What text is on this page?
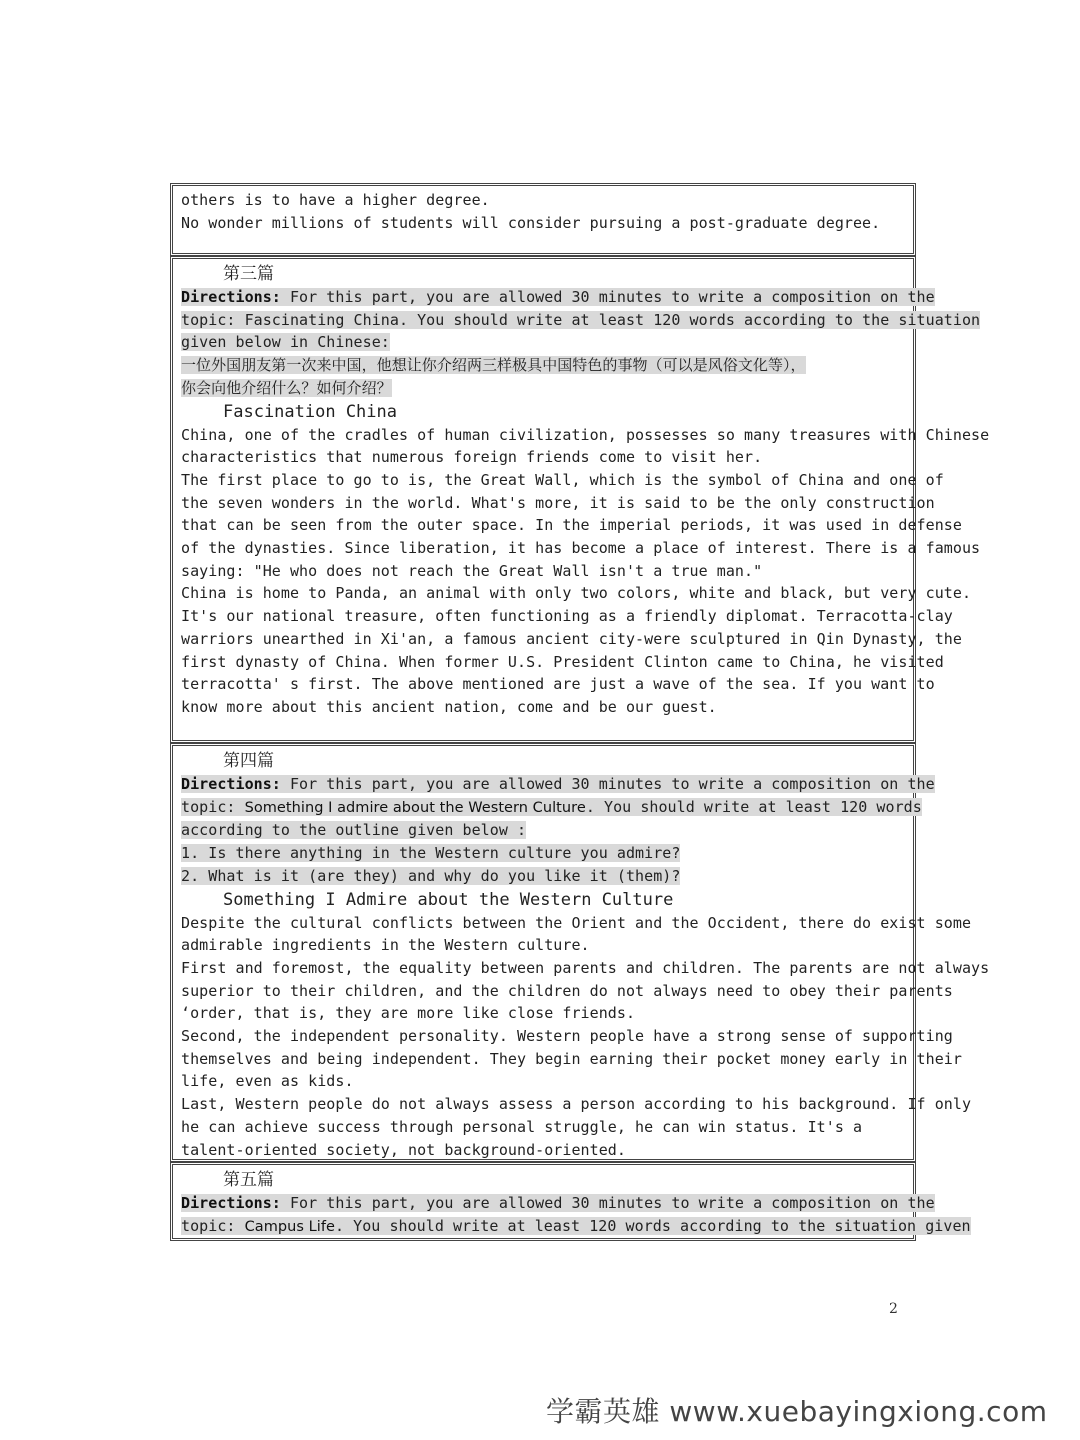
others is to have a higher degree.
No wonder millions of students will consider pursuing a post-graduate degree.
第三篇
Directions: For this part, you are allowed 30 minutes to write a composition on the
topic: Fascinating China. You should write at least 120 words according to the situation
given below in Chinese:
一位外国朋友第一次来中国，他想让你介绍两三样极具中国特色的事物（可以是风俗文化等），
你会向他介绍什么？如何介绍？
Fascination China
China, one of the cradles of human civilization, possesses so many treasures with Chinese
characteristics that numerous foreign friends come to visit her.
The first place to go to is, the Great Wall, which is the symbol of China and one of
the seven wonders in the world. What's more, it is said to be the only construction
that can be seen from the outer space. In the imperial periods, it was used in defense
of the dynasties. Since liberation, it has become a place of interest. There is a famous
saying: "He who does not reach the Great Wall isn't a true man."
China is home to Panda, an animal with only two colors, white and black, but very cute.
It's our national treasure, often functioning as a friendly diplomat. Terracotta-clay
warriors unearthed in Xi'an, a famous ancient city-were sculptured in Qin Dynasty, the
first dynasty of China. When former U.S. President Clinton came to China, he visited
terracotta' s first. The above mentioned are just a wave of the sea. If you want to
know more about this ancient nation, come and be our guest.
第四篇
Directions: For this part, you are allowed 30 minutes to write a composition on the
topic: Something I admire about the Western Culture. You should write at least 120 words
according to the outline given below :
1. Is there anything in the Western culture you admire?
2. What is it (are they) and why do you like it (them)?
Something I Admire about the Western Culture
Despite the cultural conflicts between the Orient and the Occident, there do exist some
admirable ingredients in the Western culture.
First and foremost, the equality between parents and children. The parents are not always
superior to their children, and the children do not always need to obey their parents
‘order, that is, they are more like close friends.
Second, the independent personality. Western people have a strong sense of supporting
themselves and being independent. They begin earning their pocket money early in their
life, even as kids.
Last, Western people do not always assess a person according to his background. If only
he can achieve success through personal struggle, he can win status. It's a
talent-oriented society, not background-oriented.
第五篇
Directions: For this part, you are allowed 30 minutes to write a composition on the
topic: Campus Life. You should write at least 120 words according to the situation given
2
学霸英雄 www.xuebayingxiong.com
